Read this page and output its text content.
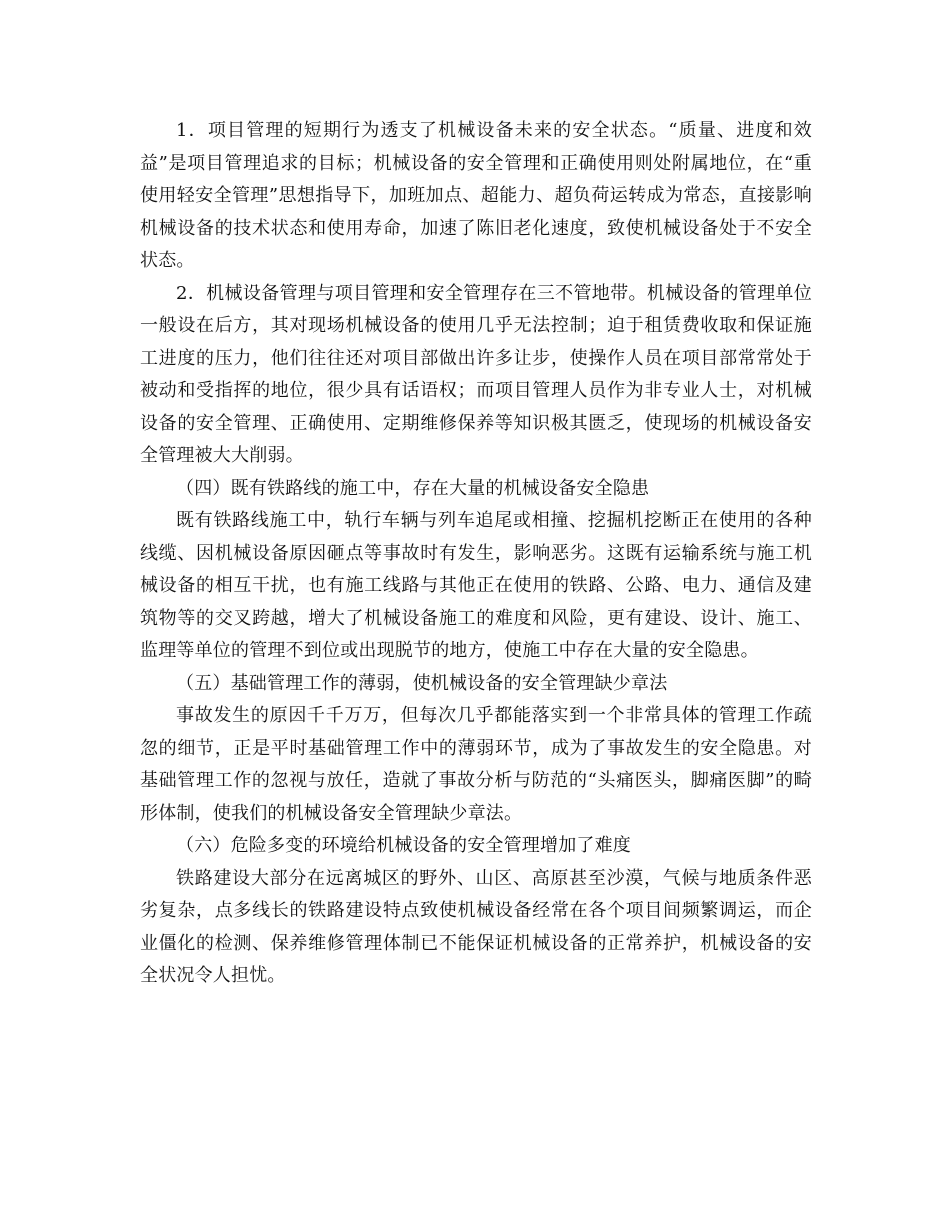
1．项目管理的短期行为透支了机械设备未来的安全状态。“质量、进度和效益”是项目管理追求的目标；机械设备的安全管理和正确使用则处附属地位，在“重使用轻安全管理”思想指导下，加班加点、超能力、超负荷运转成为常态，直接影响机械设备的技术状态和使用寿命，加速了陈旧老化速度，致使机械设备处于不安全状态。

2．机械设备管理与项目管理和安全管理存在三不管地带。机械设备的管理单位一般设在后方，其对现场机械设备的使用几乎无法控制；迫于租赁费收取和保证施工进度的压力，他们往往还对项目部做出许多让步，使操作人员在项目部常常处于被动和受指挥的地位，很少具有话语权；而项目管理人员作为非专业人士，对机械设备的安全管理、正确使用、定期维修保养等知识极其匮乏，使现场的机械设备安全管理被大大削弱。

（四）既有铁路线的施工中，存在大量的机械设备安全隐患

既有铁路线施工中，轨行车辆与列车追尾或相撞、挖掘机挖断正在使用的各种线缆、因机械设备原因砸点等事故时有发生，影响恶劣。这既有运输系统与施工机械设备的相互干扰，也有施工线路与其他正在使用的铁路、公路、电力、通信及建筑物等的交叉跨越，增大了机械设备施工的难度和风险，更有建设、设计、施工、监理等单位的管理不到位或出现脱节的地方，使施工中存在大量的安全隐患。

（五）基础管理工作的薄弱，使机械设备的安全管理缺少章法

事故发生的原因千千万万，但每次几乎都能落实到一个非常具体的管理工作疏忽的细节，正是平时基础管理工作中的薄弱环节，成为了事故发生的安全隐患。对基础管理工作的忽视与放任，造就了事故分析与防范的“头痛医头，脚痛医脚”的畸形体制，使我们的机械设备安全管理缺少章法。

（六）危险多变的环境给机械设备的安全管理增加了难度

铁路建设大部分在远离城区的野外、山区、高原甚至沙漠，气候与地质条件恶劣复杂，点多线长的铁路建设特点致使机械设备经常在各个项目间频繁调运，而企业僵化的检测、保养维修管理体制已不能保证机械设备的正常养护，机械设备的安全状况令人担忧。
